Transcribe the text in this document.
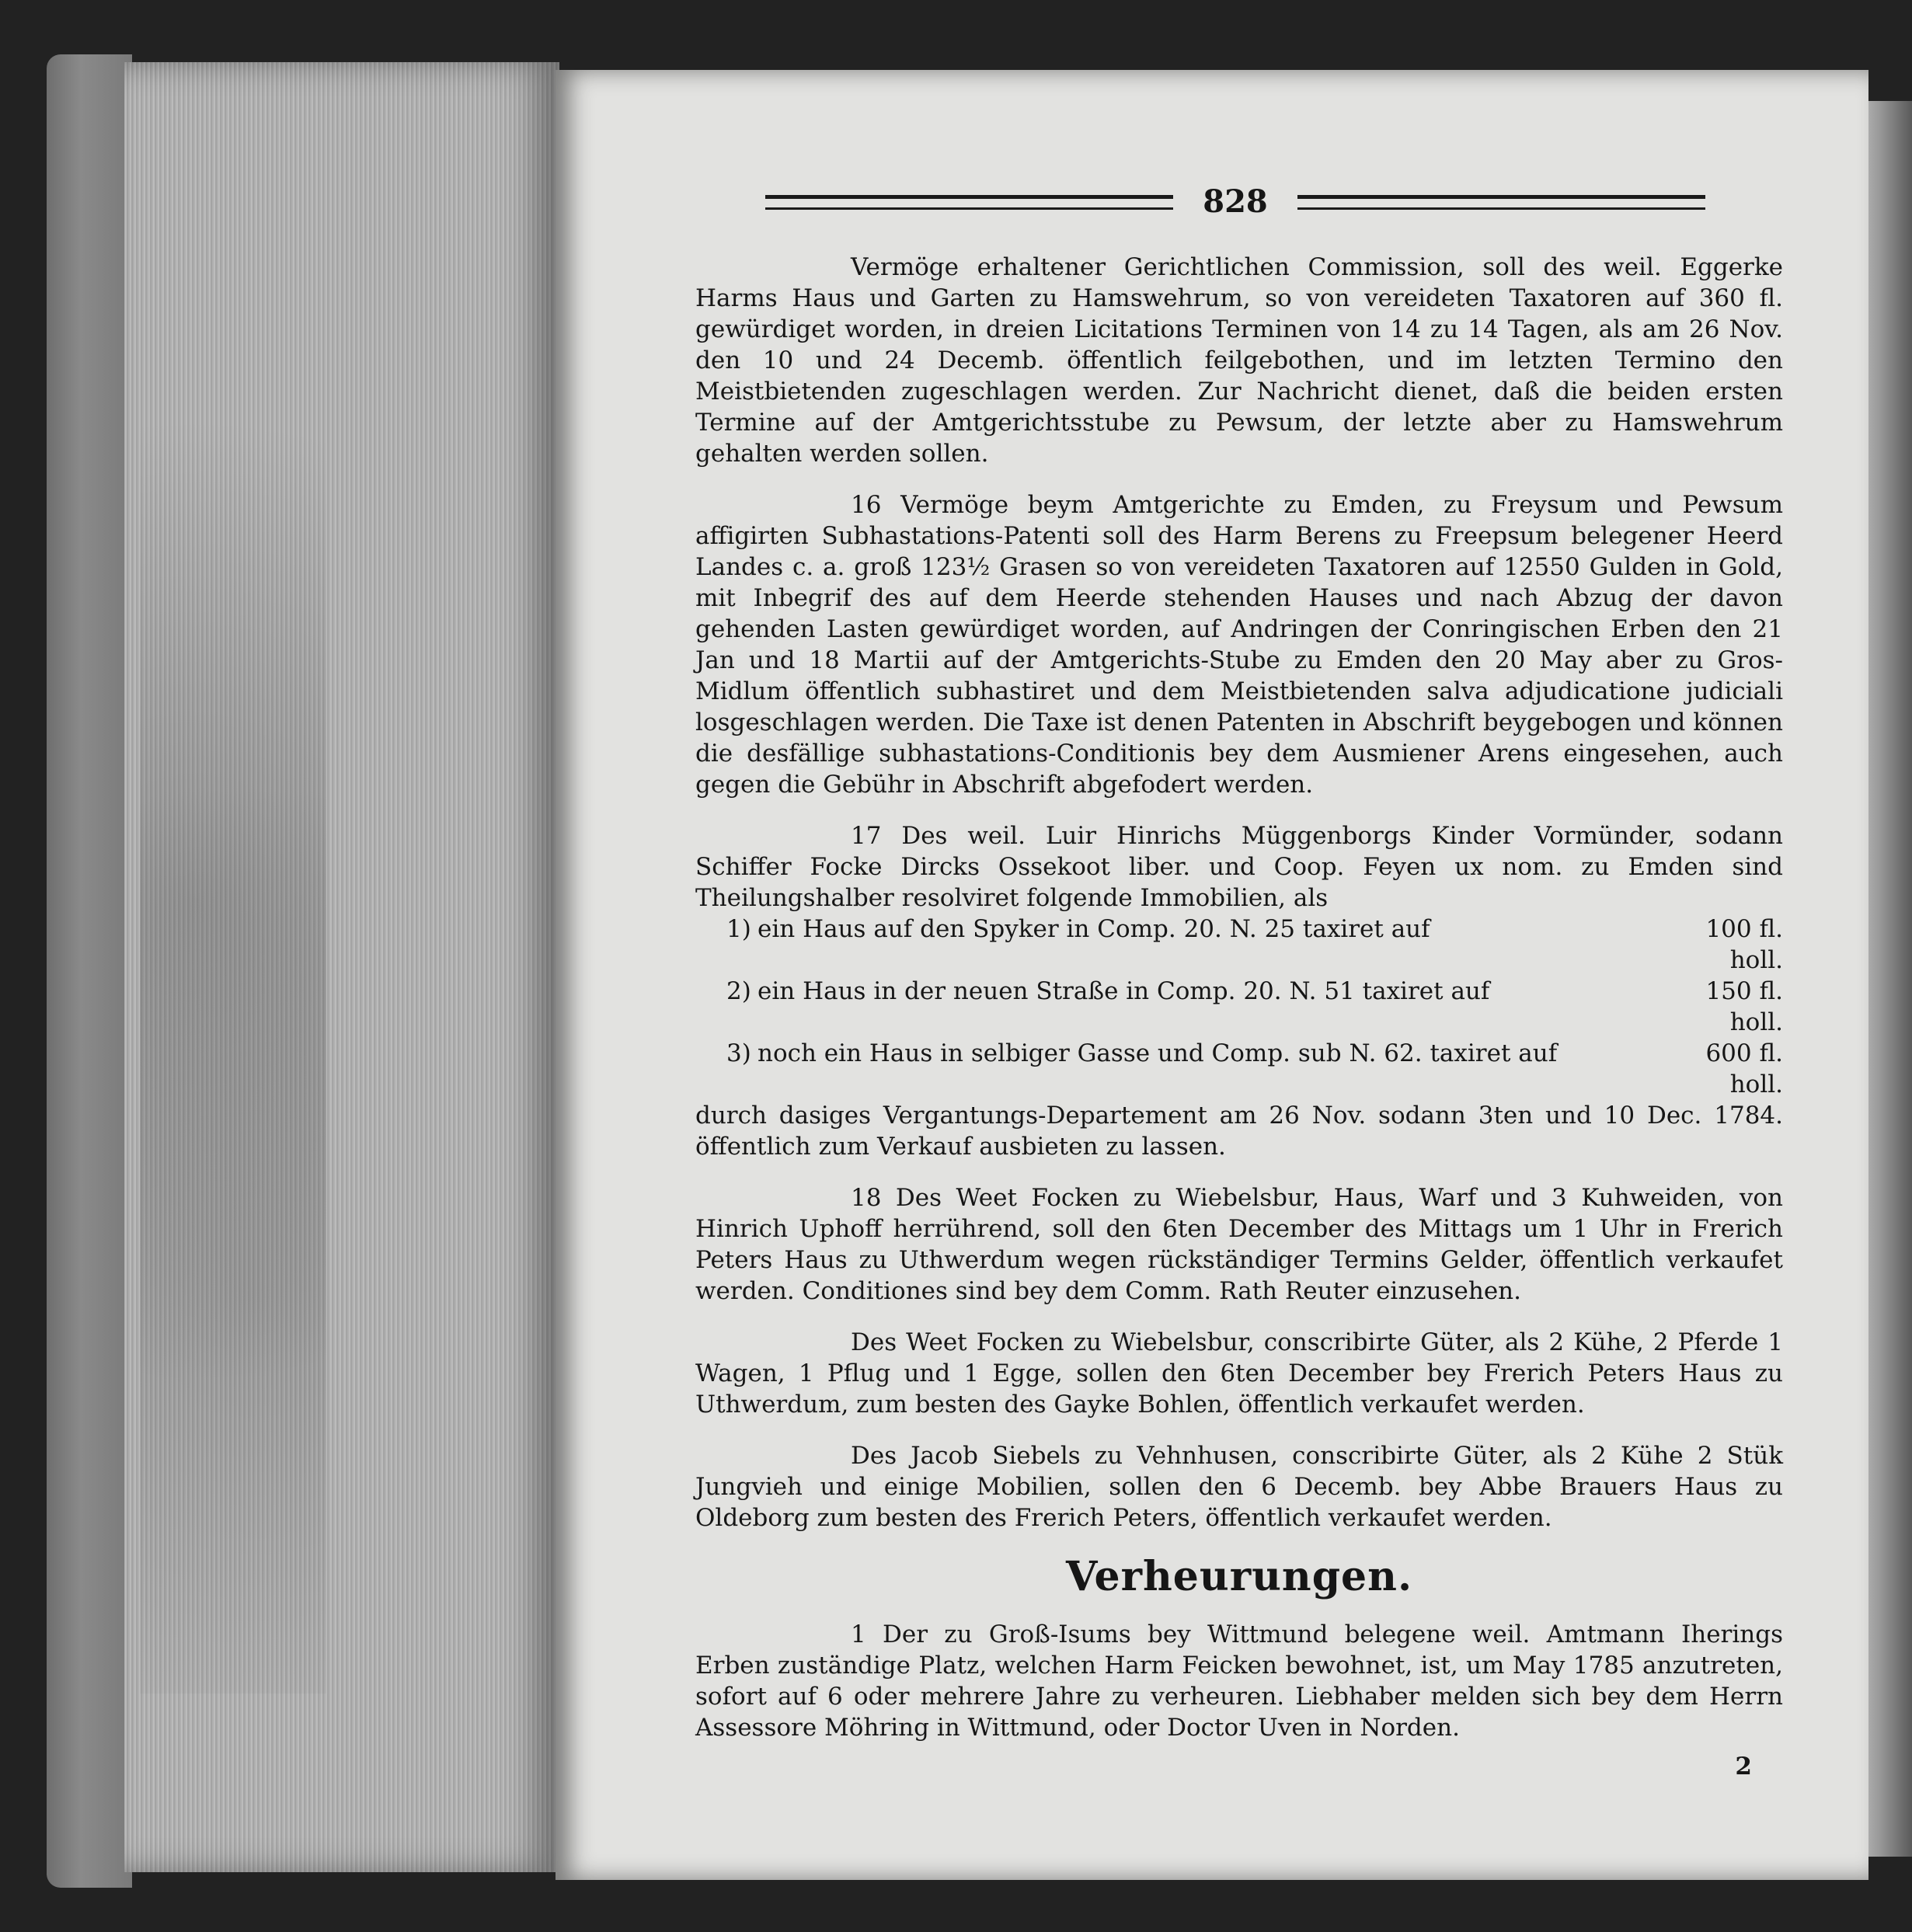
828

Vermöge erhaltener Gerichtlichen Commission, soll des weil. Eggerke Harms Haus und Garten zu Hamswehrum, so von vereideten Taxatoren auf 360 fl. gewürdiget worden, in dreien Licitations Terminen von 14 zu 14 Tagen, als am 26 Nov. den 10 und 24 Decemb. öffentlich feilgebothen, und im letzten Termino den Meistbietenden zugeschlagen werden. Zur Nachricht dienet, daß die beiden ersten Termine auf der Amtgerichtsstube zu Pewsum, der letzte aber zu Hamswehrum gehalten werden sollen.

16 Vermöge beym Amtgerichte zu Emden, zu Freysum und Pewsum affigirten Subhastations-Patenti soll des Harm Berens zu Freepsum belegener Heerd Landes c. a. groß 123½ Grasen so von vereideten Taxatoren auf 12550 Gulden in Gold, mit Inbegrif des auf dem Heerde stehenden Hauses und nach Abzug der davon gehenden Lasten gewürdiget worden, auf Andringen der Conringischen Erben den 21 Jan und 18 Martii auf der Amtgerichts-Stube zu Emden den 20 May aber zu Gros-Midlum öffentlich subhastiret und dem Meistbietenden salva adjudicatione judiciali losgeschlagen werden. Die Taxe ist denen Patenten in Abschrift beygebogen und können die desfällige subhastations-Conditionis bey dem Ausmiener Arens eingesehen, auch gegen die Gebühr in Abschrift abgefodert werden.

17 Des weil. Luir Hinrichs Müggenborgs Kinder Vormünder, sodann Schiffer Focke Dircks Ossekoot liber. und Coop. Feyen ux nom. zu Emden sind Theilungshalber resolviret folgende Immobilien, als

1) ein Haus auf den Spyker in Comp. 20. N. 25 taxiret auf	100 fl. holl.
2) ein Haus in der neuen Straße in Comp. 20. N. 51 taxiret auf	150 fl. holl.
3) noch ein Haus in selbiger Gasse und Comp. sub N. 62. taxiret auf	600 fl. holl.

durch dasiges Vergantungs-Departement am 26 Nov. sodann 3ten und 10 Dec. 1784. öffentlich zum Verkauf ausbieten zu lassen.

18 Des Weet Focken zu Wiebelsbur, Haus, Warf und 3 Kuhweiden, von Hinrich Uphoff herrührend, soll den 6ten December des Mittags um 1 Uhr in Frerich Peters Haus zu Uthwerdum wegen rückständiger Termins Gelder, öffentlich verkaufet werden. Conditiones sind bey dem Comm. Rath Reuter einzusehen.

Des Weet Focken zu Wiebelsbur, conscribirte Güter, als 2 Kühe, 2 Pferde 1 Wagen, 1 Pflug und 1 Egge, sollen den 6ten December bey Frerich Peters Haus zu Uthwerdum, zum besten des Gayke Bohlen, öffentlich verkaufet werden.

Des Jacob Siebels zu Vehnhusen, conscribirte Güter, als 2 Kühe 2 Stük Jungvieh und einige Mobilien, sollen den 6 Decemb. bey Abbe Brauers Haus zu Oldeborg zum besten des Frerich Peters, öffentlich verkaufet werden.

Verheurungen.

1 Der zu Groß-Isums bey Wittmund belegene weil. Amtmann Iherings Erben zuständige Platz, welchen Harm Feicken bewohnet, ist, um May 1785 anzutreten, sofort auf 6 oder mehrere Jahre zu verheuren. Liebhaber melden sich bey dem Herrn Assessore Möhring in Wittmund, oder Doctor Uven in Norden.

2
